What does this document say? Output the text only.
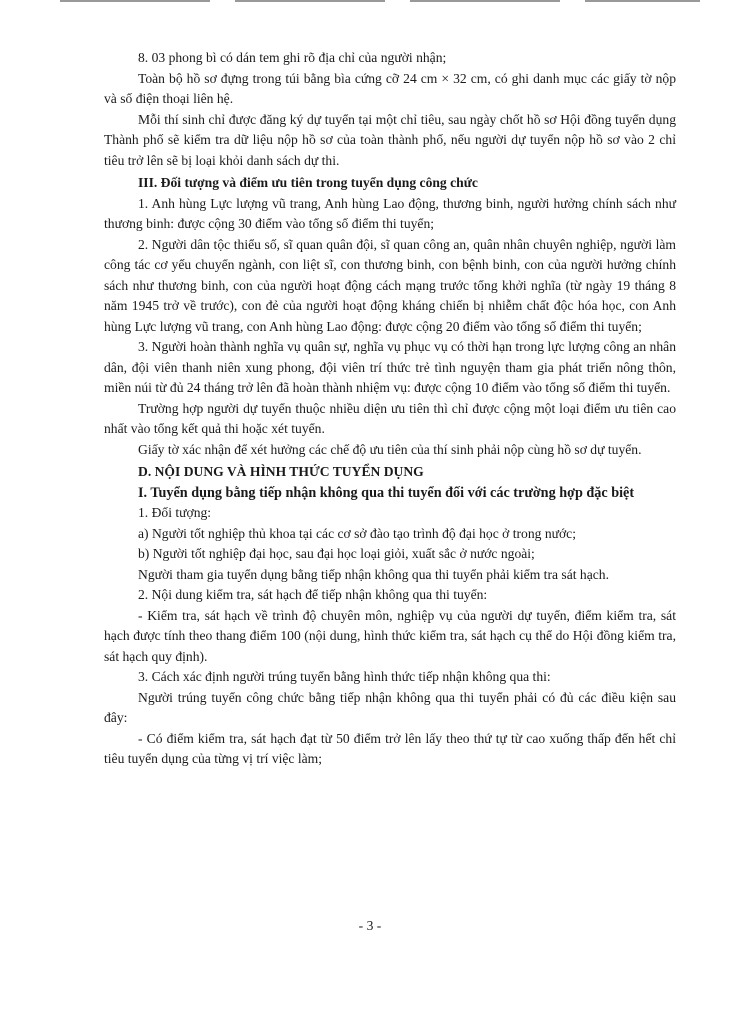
8. 03 phong bì có dán tem ghi rõ địa chỉ của người nhận;

Toàn bộ hồ sơ đựng trong túi bằng bìa cứng cỡ 24 cm × 32 cm, có ghi danh mục các giấy tờ nộp và số điện thoại liên hệ.

Mỗi thí sinh chỉ được đăng ký dự tuyển tại một chỉ tiêu, sau ngày chốt hồ sơ Hội đồng tuyển dụng Thành phố sẽ kiểm tra dữ liệu nộp hồ sơ của toàn thành phố, nếu người dự tuyển nộp hồ sơ vào 2 chỉ tiêu trở lên sẽ bị loại khỏi danh sách dự thi.

III. Đối tượng và điểm ưu tiên trong tuyển dụng công chức

1. Anh hùng Lực lượng vũ trang, Anh hùng Lao động, thương binh, người hưởng chính sách như thương binh: được cộng 30 điểm vào tổng số điểm thi tuyển;

2. Người dân tộc thiểu số, sĩ quan quân đội, sĩ quan công an, quân nhân chuyên nghiệp, người làm công tác cơ yếu chuyển ngành, con liệt sĩ, con thương binh, con bệnh binh, con của người hưởng chính sách như thương binh, con của người hoạt động cách mạng trước tổng khởi nghĩa (từ ngày 19 tháng 8 năm 1945 trở về trước), con đẻ của người hoạt động kháng chiến bị nhiễm chất độc hóa học, con Anh hùng Lực lượng vũ trang, con Anh hùng Lao động: được cộng 20 điểm vào tổng số điểm thi tuyển;

3. Người hoàn thành nghĩa vụ quân sự, nghĩa vụ phục vụ có thời hạn trong lực lượng công an nhân dân, đội viên thanh niên xung phong, đội viên trí thức trẻ tình nguyện tham gia phát triển nông thôn, miền núi từ đủ 24 tháng trở lên đã hoàn thành nhiệm vụ: được cộng 10 điểm vào tổng số điểm thi tuyển.

Trường hợp người dự tuyển thuộc nhiều diện ưu tiên thì chỉ được cộng một loại điểm ưu tiên cao nhất vào tổng kết quả thi hoặc xét tuyển.

Giấy tờ xác nhận để xét hưởng các chế độ ưu tiên của thí sinh phải nộp cùng hồ sơ dự tuyển.

D. NỘI DUNG VÀ HÌNH THỨC TUYỂN DỤNG

I. Tuyển dụng bằng tiếp nhận không qua thi tuyển đối với các trường hợp đặc biệt

1. Đối tượng:

a) Người tốt nghiệp thủ khoa tại các cơ sở đào tạo trình độ đại học ở trong nước;

b) Người tốt nghiệp đại học, sau đại học loại giỏi, xuất sắc ở nước ngoài;

Người tham gia tuyển dụng bằng tiếp nhận không qua thi tuyển phải kiểm tra sát hạch.

2. Nội dung kiểm tra, sát hạch để tiếp nhận không qua thi tuyển:

- Kiểm tra, sát hạch về trình độ chuyên môn, nghiệp vụ của người dự tuyển, điểm kiểm tra, sát hạch được tính theo thang điểm 100 (nội dung, hình thức kiểm tra, sát hạch cụ thể do Hội đồng kiểm tra, sát hạch quy định).

3. Cách xác định người trúng tuyển bằng hình thức tiếp nhận không qua thi:

Người trúng tuyển công chức bằng tiếp nhận không qua thi tuyển phải có đủ các điều kiện sau đây:

- Có điểm kiểm tra, sát hạch đạt từ 50 điểm trở lên lấy theo thứ tự từ cao xuống thấp đến hết chỉ tiêu tuyển dụng của từng vị trí việc làm;

- 3 -
